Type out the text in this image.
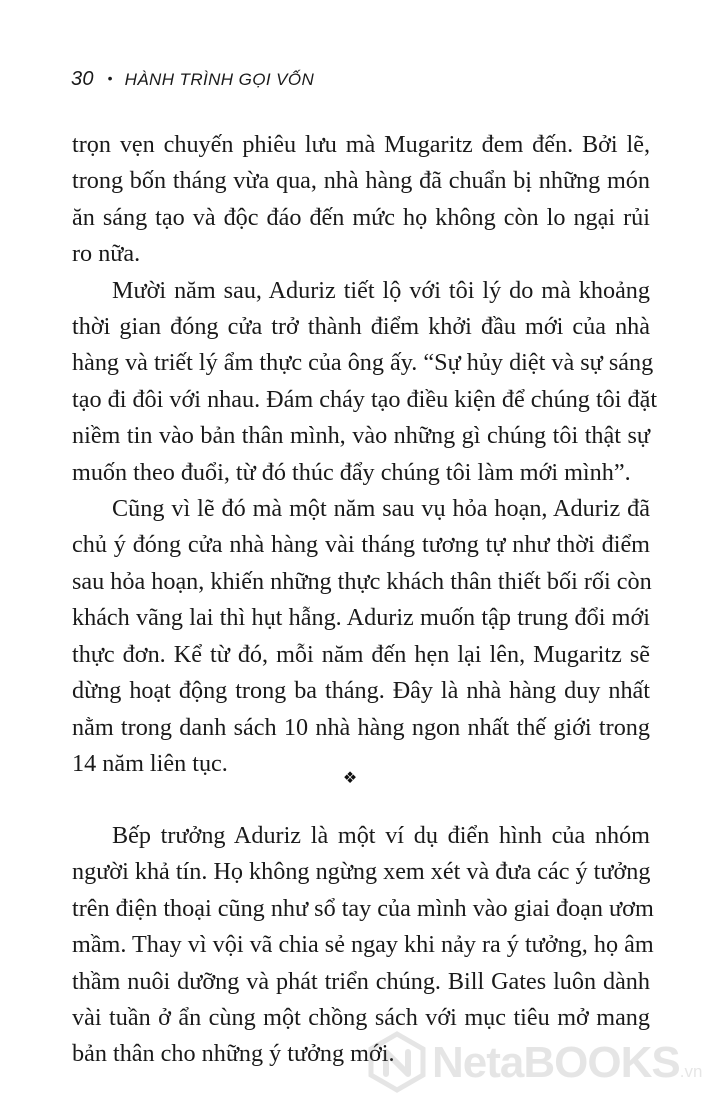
30 • HÀNH TRÌNH GỌI VỐN
trọn vẹn chuyến phiêu lưu mà Mugaritz đem đến. Bởi lẽ,
trong bốn tháng vừa qua, nhà hàng đã chuẩn bị những món
ăn sáng tạo và độc đáo đến mức họ không còn lo ngại rủi
ro nữa.
Mười năm sau, Aduriz tiết lộ với tôi lý do mà khoảng
thời gian đóng cửa trở thành điểm khởi đầu mới của nhà
hàng và triết lý ẩm thực của ông ấy. “Sự hủy diệt và sự sáng
tạo đi đôi với nhau. Đám cháy tạo điều kiện để chúng tôi đặt
niềm tin vào bản thân mình, vào những gì chúng tôi thật sự
muốn theo đuổi, từ đó thúc đẩy chúng tôi làm mới mình”.
Cũng vì lẽ đó mà một năm sau vụ hỏa hoạn, Aduriz đã
chủ ý đóng cửa nhà hàng vài tháng tương tự như thời điểm
sau hỏa hoạn, khiến những thực khách thân thiết bối rối còn
khách vãng lai thì hụt hẫng. Aduriz muốn tập trung đổi mới
thực đơn. Kể từ đó, mỗi năm đến hẹn lại lên, Mugaritz sẽ
dừng hoạt động trong ba tháng. Đây là nhà hàng duy nhất
nằm trong danh sách 10 nhà hàng ngon nhất thế giới trong
14 năm liên tục.
❖
Bếp trưởng Aduriz là một ví dụ điển hình của nhóm
người khả tín. Họ không ngừng xem xét và đưa các ý tưởng
trên điện thoại cũng như sổ tay của mình vào giai đoạn ươm
mầm. Thay vì vội vã chia sẻ ngay khi nảy ra ý tưởng, họ âm
thầm nuôi dưỡng và phát triển chúng. Bill Gates luôn dành
vài tuần ở ẩn cùng một chồng sách với mục tiêu mở mang
bản thân cho những ý tưởng mới. NetaBOOKS.vn
